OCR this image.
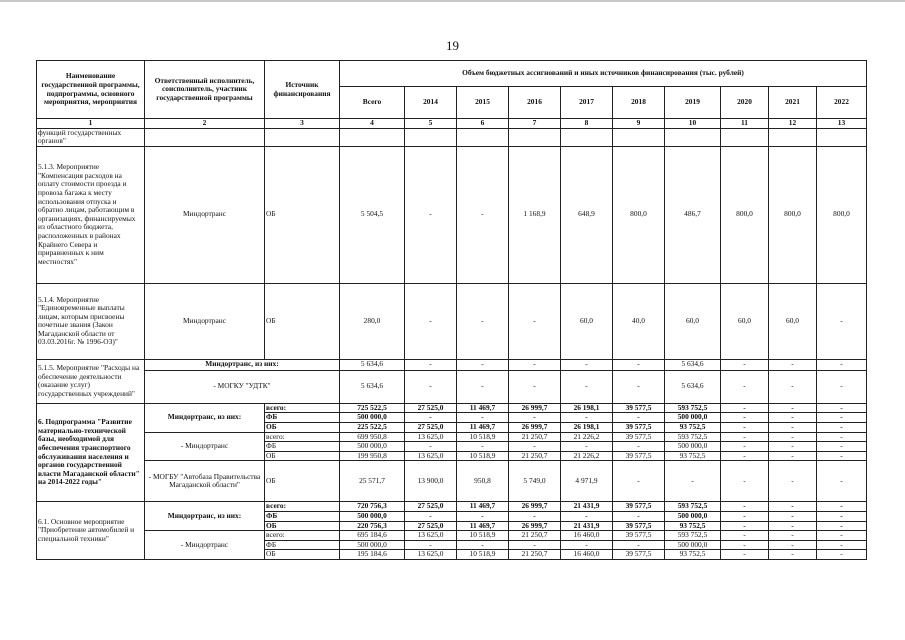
19
Наименование государственной программы, подпрограммы, основного мероприятия, мероприятия	Ответственный исполнитель, соисполнитель, участник государственной программы	Источник финансирования	Объем бюджетных ассигнований и иных источников финансирования (тыс. рублей)									
			Всего	2014	2015	2016	2017	2018	2019	2020	2021	2022
1	2	3	4	5	6	7	8	9	10	11	12	13
функций государственных органов"												
5.1.3. Мероприятие "Компенсация расходов на оплату стоимости проезда и провоза багажа к месту использования отпуска и обратно лицам, работающим в организациях, финансируемых из областного бюджета, расположенных в районах Крайнего Севера и приравненных к ним местностях"	Миндортранс	ОБ	5 504,5	-	-	1 168,9	648,9	800,0	486,7	800,0	800,0	800,0
5.1.4. Мероприятие "Единовременные выплаты лицам, которым присвоены почетные звания (Закон Магаданской области от 03.03.2016г. № 1996-ОЗ)"	Миндортранс	ОБ	280,0	-	-	-	60,0	40,0	60,0	60,0	60,0	-
5.1.5. Мероприятие "Расходы на обеспечение деятельности (оказание услуг) государственных учреждений"	Миндортранс, из них:		5 634,6	-	-	-	-	-	5 634,6	-	-	-
	- МОГКУ "УДТК"		5 634,6	-	-	-	-	-	5 634,6	-	-	-
6. Подпрограмма "Развитие материально-технической базы, необходимой для обеспечения транспортного обслуживания населения и органов государственной власти Магаданской области" на 2014-2022 годы"	Миндортранс, из них:	всего:	725 522,5	27 525,0	11 469,7	26 999,7	26 198,1	39 577,5	593 752,5	-	-	-
		ФБ	500 000,0	-	-	-	-	-	500 000,0	-	-	-
		ОБ	225 522,5	27 525,0	11 469,7	26 999,7	26 198,1	39 577,5	93 752,5	-	-	-
	- Миндортранс	всего:	699 950,8	13 625,0	10 518,9	21 250,7	21 226,2	39 577,5	593 752,5	-	-	-
		ФБ	500 000,0	-	-	-	-	-	500 000,0	-	-	-
		ОБ	199 950,8	13 625,0	10 518,9	21 250,7	21 226,2	39 577,5	93 752,5	-	-	-
	- МОГБУ "Автобаза Правительства Магаданской области"	ОБ	25 571,7	13 900,0	950,8	5 749,0	4 971,9	-	-	-	-	-
6.1. Основное мероприятие "Приобретение автомобилей и специальной техники"	Миндортранс, из них:	всего:	720 756,3	27 525,0	11 469,7	26 999,7	21 431,9	39 577,5	593 752,5	-	-	-
		ФБ	500 000,0	-	-	-	-	-	500 000,0	-	-	-
		ОБ	220 756,3	27 525,0	11 469,7	26 999,7	21 431,9	39 577,5	93 752,5	-	-	-
	- Миндортранс	всего:	695 184,6	13 625,0	10 518,9	21 250,7	16 460,0	39 577,5	593 752,5	-	-	-
		ФБ	500 000,0	-	-	-	-	-	500 000,0	-	-	-
		ОБ	195 184,6	13 625,0	10 518,9	21 250,7	16 460,0	39 577,5	93 752,5	-	-	-
